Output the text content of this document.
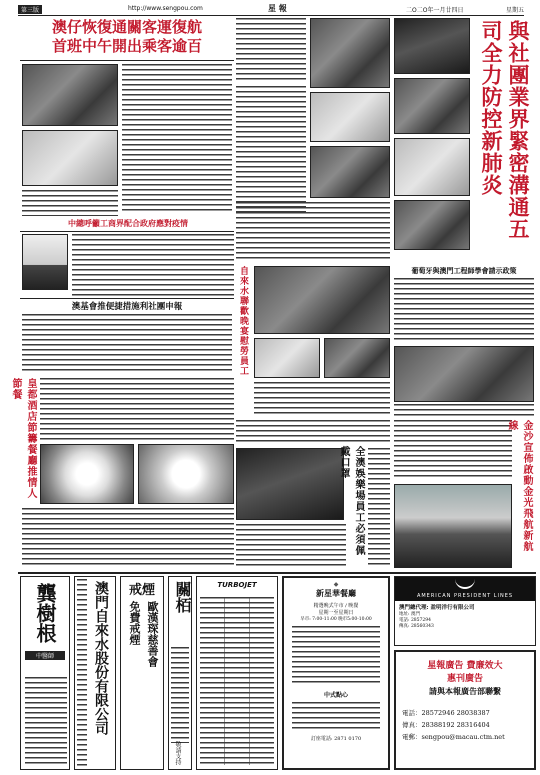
第三版	http://www.sengpou.com	星 報	二O二O年一月廿四日	星期五
澳仔恢復通關客運復航
首班中午開出乘客逾百	與社團業界緊密溝通五司全力防控新肺炎
中總呼籲工商界配合政府應對疫情
澳基會推便捷措施利社團申報	自來水聯歡晚宴慰勞員工	葡萄牙與澳門工程師學會請示政策
皇都酒店節籌餐廳推情人節餐
全澳娛樂場員工必須佩戴口罩	金沙宣佈啟動金光飛航新航線
龔樹根
中醫師	澳門自來水股份有限公司	戒煙
免費戒煙 歐漢琛慈善會
關栢
敬請支持
TURBOJET	◆
新星華餐廳
精選晚式午市 / 晚餐
星期一至星期日
早市: 7:00-11:00 晚市5:00-10:00
中式點心
訂座電話: 2871 0170
AMERICAN PRESIDENT LINES
澳門總代理: 盈明洋行有限公司
地址: 澳門
電話: 2857294
傳真: 28560343
星報廣告 費廉效大
惠刊廣告
請與本報廣告部聯繫
電話：28572946 28038387
傳真：28388192 28316404
電郵：sengpou@macau.ctm.net
